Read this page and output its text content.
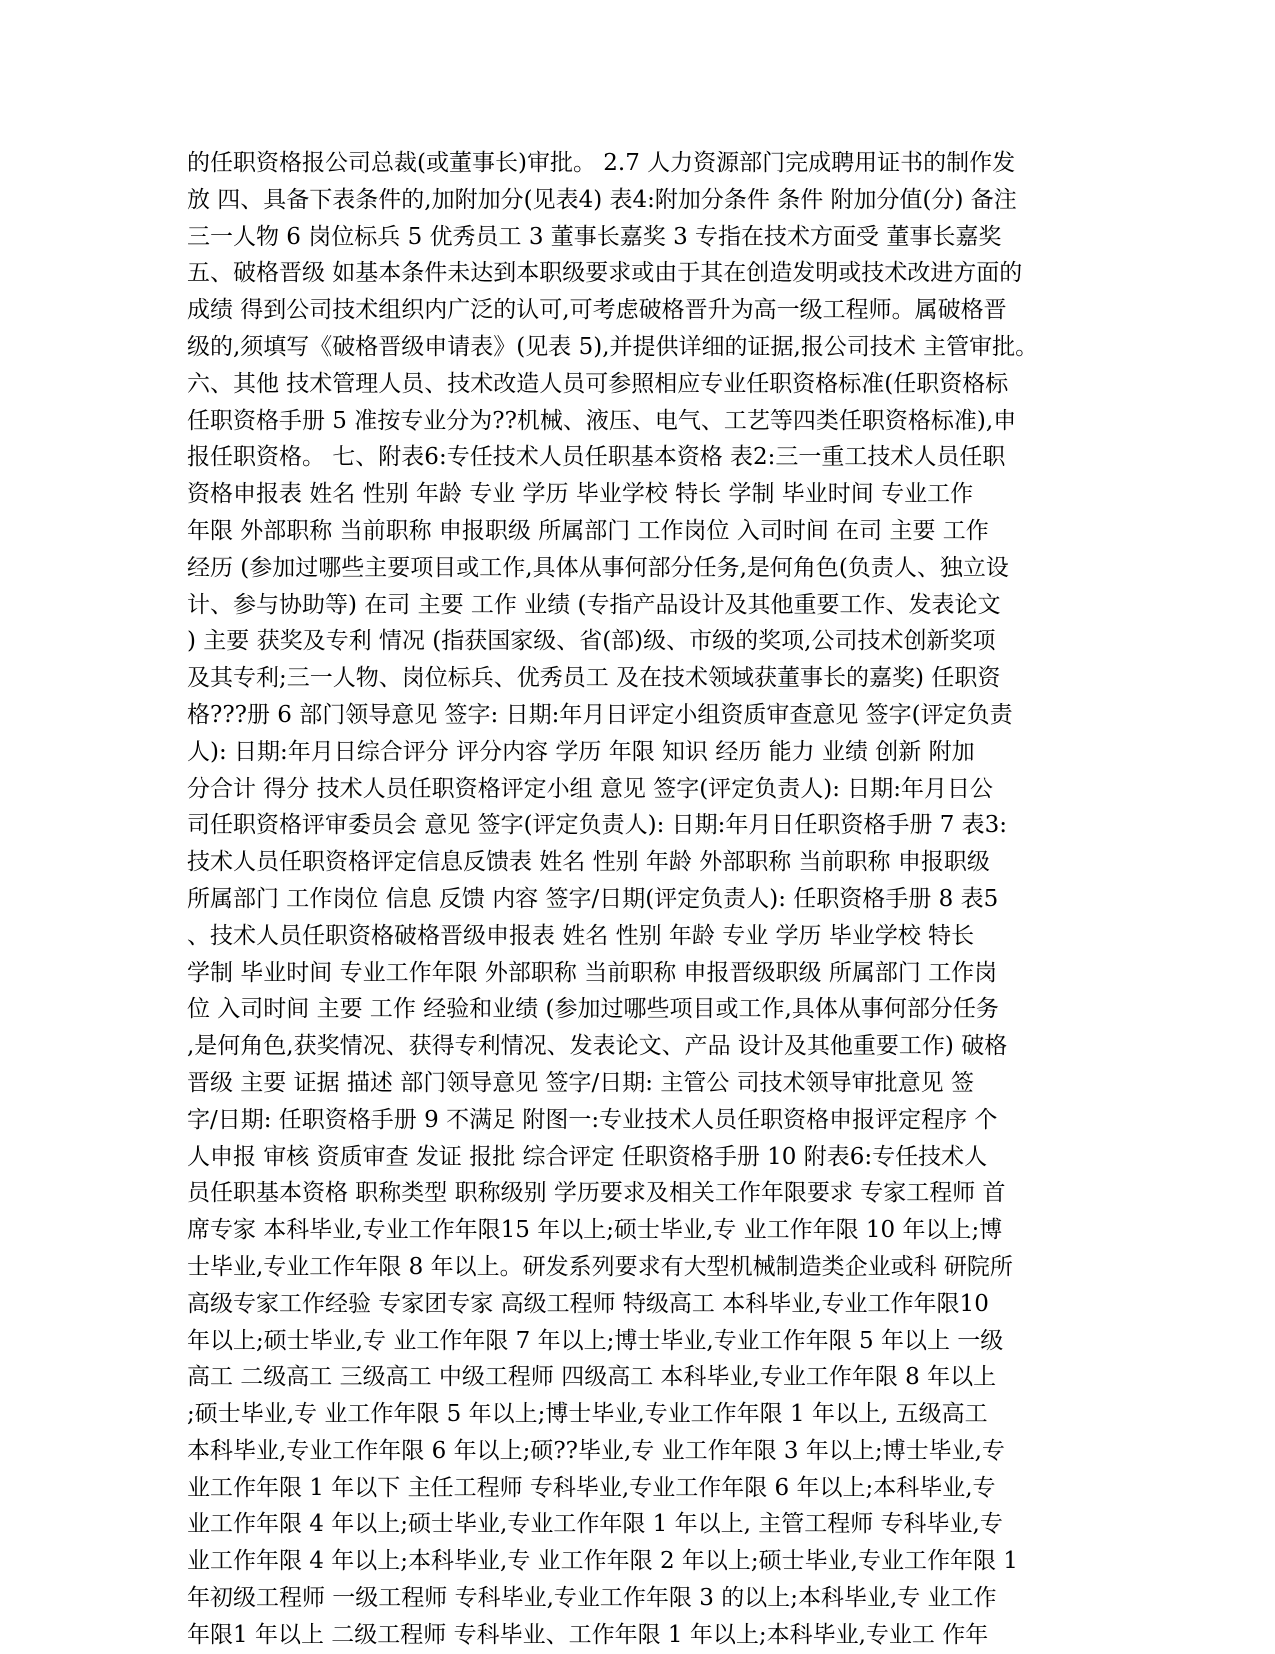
的任职资格报公司总裁(或董事长)审批。 2.7 人力资源部门完成聘用证书的制作发
放 四、具备下表条件的,加附加分(见表4) 表4:附加分条件 条件 附加分值(分) 备注
三一人物 6 岗位标兵 5 优秀员工 3 董事长嘉奖 3 专指在技术方面受 董事长嘉奖
五、破格晋级 如基本条件未达到本职级要求或由于其在创造发明或技术改进方面的
成绩 得到公司技术组织内广泛的认可,可考虑破格晋升为高一级工程师。属破格晋
级的,须填写《破格晋级申请表》(见表 5),并提供详细的证据,报公司技术 主管审批。
六、其他 技术管理人员、技术改造人员可参照相应专业任职资格标准(任职资格标
任职资格手册 5 准按专业分为??机械、液压、电气、工艺等四类任职资格标准),申
报任职资格。 七、附表6:专任技术人员任职基本资格 表2:三一重工技术人员任职
资格申报表 姓名 性别 年龄 专业 学历 毕业学校 特长 学制 毕业时间 专业工作
年限 外部职称 当前职称 申报职级 所属部门 工作岗位 入司时间 在司 主要 工作
经历 (参加过哪些主要项目或工作,具体从事何部分任务,是何角色(负责人、独立设
计、参与协助等) 在司 主要 工作 业绩 (专指产品设计及其他重要工作、发表论文
) 主要 获奖及专利 情况 (指获国家级、省(部)级、市级的奖项,公司技术创新奖项
及其专利;三一人物、岗位标兵、优秀员工 及在技术领域获董事长的嘉奖) 任职资
格???册 6 部门领导意见 签字: 日期:年月日评定小组资质审查意见 签字(评定负责
人): 日期:年月日综合评分 评分内容 学历 年限 知识 经历 能力 业绩 创新 附加
分合计 得分 技术人员任职资格评定小组 意见 签字(评定负责人): 日期:年月日公
司任职资格评审委员会 意见 签字(评定负责人): 日期:年月日任职资格手册 7 表3:
技术人员任职资格评定信息反馈表 姓名 性别 年龄 外部职称 当前职称 申报职级
所属部门 工作岗位 信息 反馈 内容 签字/日期(评定负责人): 任职资格手册 8 表5
、技术人员任职资格破格晋级申报表 姓名 性别 年龄 专业 学历 毕业学校 特长
学制 毕业时间 专业工作年限 外部职称 当前职称 申报晋级职级 所属部门 工作岗
位 入司时间 主要 工作 经验和业绩 (参加过哪些项目或工作,具体从事何部分任务
,是何角色,获奖情况、获得专利情况、发表论文、产品 设计及其他重要工作) 破格
晋级 主要 证据 描述 部门领导意见 签字/日期: 主管公 司技术领导审批意见 签
字/日期: 任职资格手册 9 不满足 附图一:专业技术人员任职资格申报评定程序 个
人申报 审核 资质审查 发证 报批 综合评定 任职资格手册 10 附表6:专任技术人
员任职基本资格 职称类型 职称级别 学历要求及相关工作年限要求 专家工程师 首
席专家 本科毕业,专业工作年限15 年以上;硕士毕业,专 业工作年限 10 年以上;博
士毕业,专业工作年限 8 年以上。研发系列要求有大型机械制造类企业或科 研院所
高级专家工作经验 专家团专家 高级工程师 特级高工 本科毕业,专业工作年限10
年以上;硕士毕业,专 业工作年限 7 年以上;博士毕业,专业工作年限 5 年以上 一级
高工 二级高工 三级高工 中级工程师 四级高工 本科毕业,专业工作年限 8 年以上
;硕士毕业,专 业工作年限 5 年以上;博士毕业,专业工作年限 1 年以上, 五级高工
本科毕业,专业工作年限 6 年以上;硕??毕业,专 业工作年限 3 年以上;博士毕业,专
业工作年限 1 年以下 主任工程师 专科毕业,专业工作年限 6 年以上;本科毕业,专
业工作年限 4 年以上;硕士毕业,专业工作年限 1 年以上, 主管工程师 专科毕业,专
业工作年限 4 年以上;本科毕业,专 业工作年限 2 年以上;硕士毕业,专业工作年限 1
年初级工程师 一级工程师 专科毕业,专业工作年限 3 的以上;本科毕业,专 业工作
年限1 年以上 二级工程师 专科毕业、工作年限 1 年以上;本科毕业,专业工 作年
